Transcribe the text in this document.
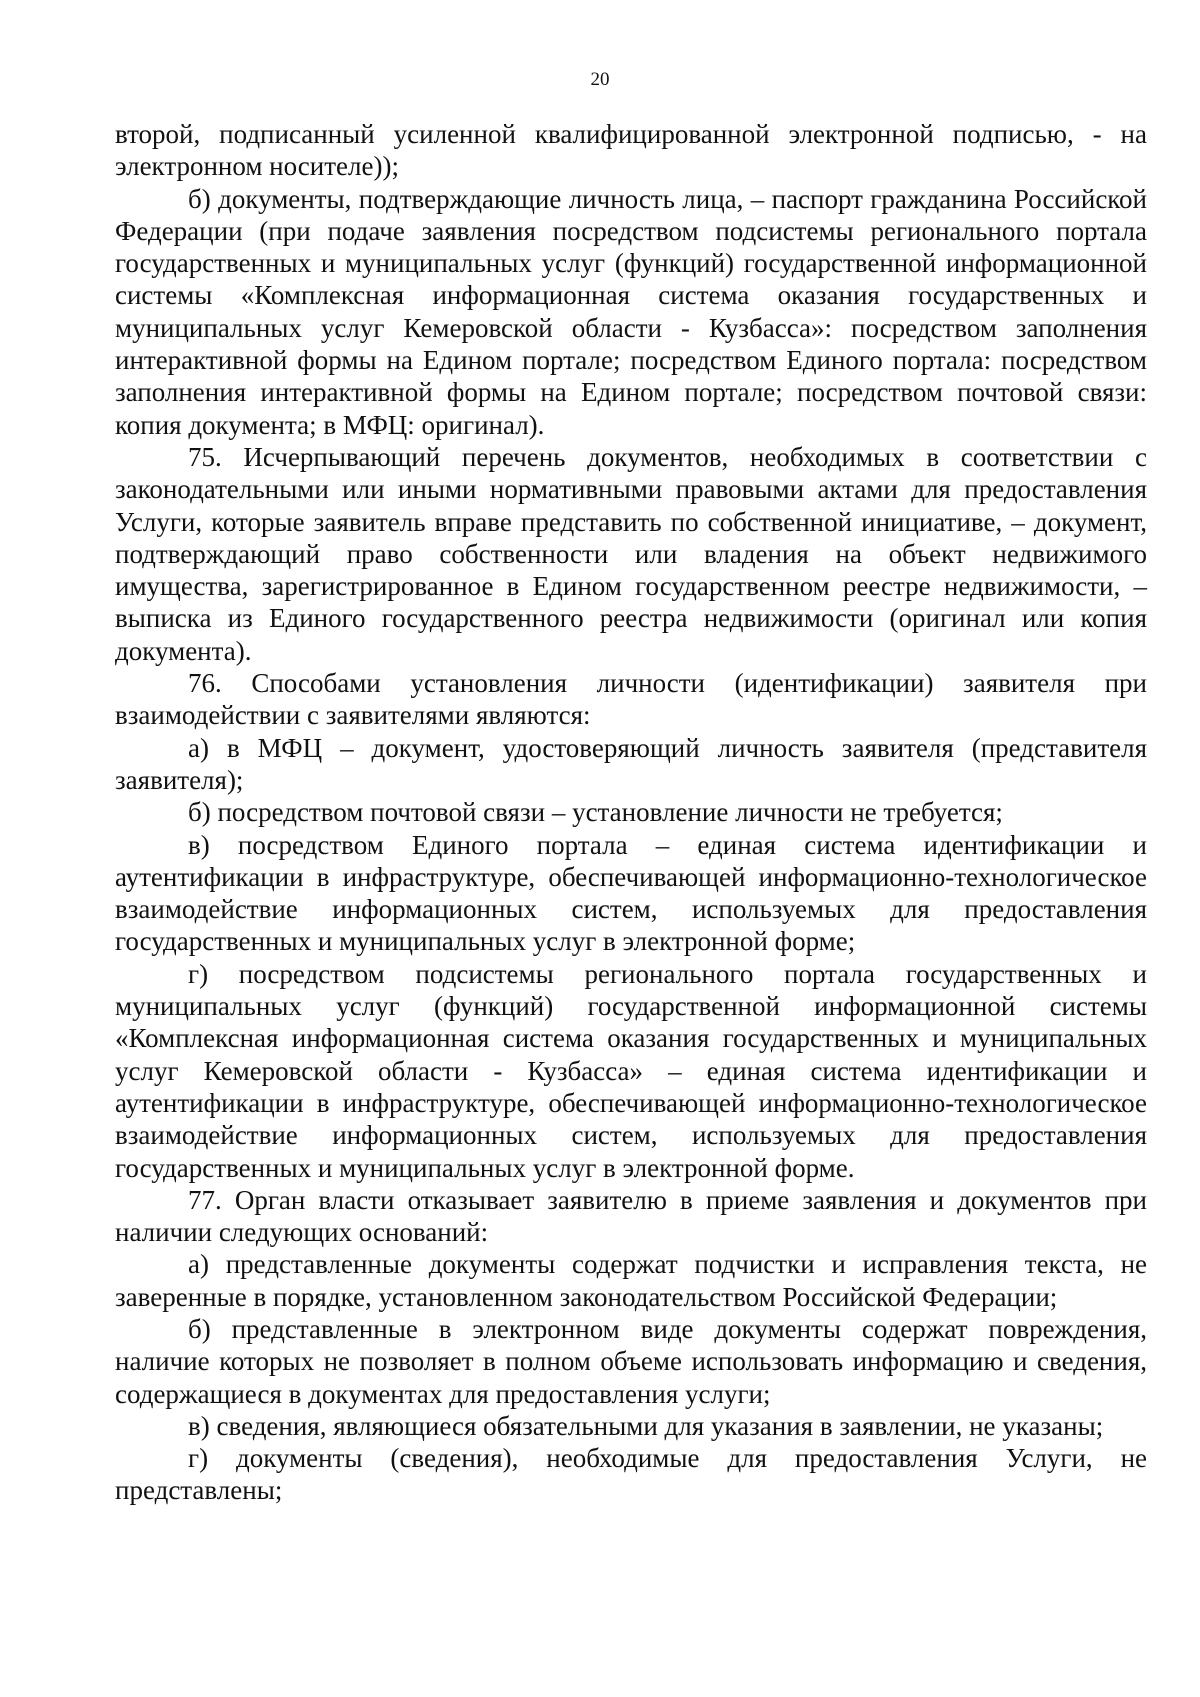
20

второй, подписанный усиленной квалифицированной электронной подписью, - на электронном носителе));

б) документы, подтверждающие личность лица, – паспорт гражданина Российской Федерации (при подаче заявления посредством подсистемы регионального портала государственных и муниципальных услуг (функций) государственной информационной системы «Комплексная информационная система оказания государственных и муниципальных услуг Кемеровской области - Кузбасса»: посредством заполнения интерактивной формы на Едином портале; посредством Единого портала: посредством заполнения интерактивной формы на Едином портале; посредством почтовой связи: копия документа; в МФЦ: оригинал).

75. Исчерпывающий перечень документов, необходимых в соответствии с законодательными или иными нормативными правовыми актами для предоставления Услуги, которые заявитель вправе представить по собственной инициативе, – документ, подтверждающий право собственности или владения на объект недвижимого имущества, зарегистрированное в Едином государственном реестре недвижимости, – выписка из Единого государственного реестра недвижимости (оригинал или копия документа).

76. Способами установления личности (идентификации) заявителя при взаимодействии с заявителями являются:

а) в МФЦ – документ, удостоверяющий личность заявителя (представителя заявителя);

б) посредством почтовой связи – установление личности не требуется;

в) посредством Единого портала – единая система идентификации и аутентификации в инфраструктуре, обеспечивающей информационно-технологическое взаимодействие информационных систем, используемых для предоставления государственных и муниципальных услуг в электронной форме;

г) посредством подсистемы регионального портала государственных и муниципальных услуг (функций) государственной информационной системы «Комплексная информационная система оказания государственных и муниципальных услуг Кемеровской области - Кузбасса» – единая система идентификации и аутентификации в инфраструктуре, обеспечивающей информационно-технологическое взаимодействие информационных систем, используемых для предоставления государственных и муниципальных услуг в электронной форме.

77. Орган власти отказывает заявителю в приеме заявления и документов при наличии следующих оснований:

а) представленные документы содержат подчистки и исправления текста, не заверенные в порядке, установленном законодательством Российской Федерации;

б) представленные в электронном виде документы содержат повреждения, наличие которых не позволяет в полном объеме использовать информацию и сведения, содержащиеся в документах для предоставления услуги;

в) сведения, являющиеся обязательными для указания в заявлении, не указаны;

г) документы (сведения), необходимые для предоставления Услуги, не представлены;
